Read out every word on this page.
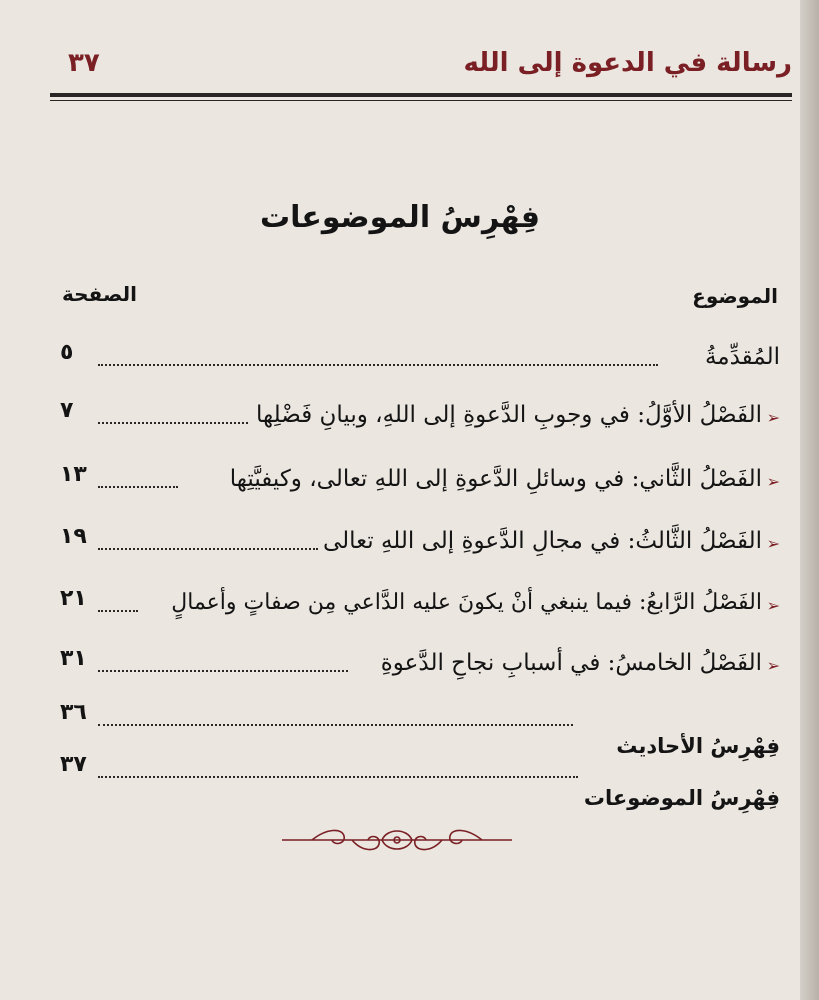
رسالة في الدعوة إلى الله
٣٧
فِهْرِسُ الموضوعات
الموضوع
الصفحة
المُقدِّمةُ
٥
➢
الفَصْلُ الأوَّلُ: في وجوبِ الدَّعوةِ إلى اللهِ، وبيانِ فَضْلِها
٧
➢
الفَصْلُ الثَّاني: في وسائلِ الدَّعوةِ إلى اللهِ تعالى، وكيفيَّتِها
١٣
➢
الفَصْلُ الثَّالثُ: في مجالِ الدَّعوةِ إلى اللهِ تعالى
١٩
➢
الفَصْلُ الرَّابعُ: فيما ينبغي أنْ يكونَ عليه الدَّاعي مِن صفاتٍ وأعمالٍ
٢١
➢
الفَصْلُ الخامسُ: في أسبابِ نجاحِ الدَّعوةِ
٣١
فِهْرِسُ الأحاديث
٣٦
فِهْرِسُ الموضوعات
٣٧
